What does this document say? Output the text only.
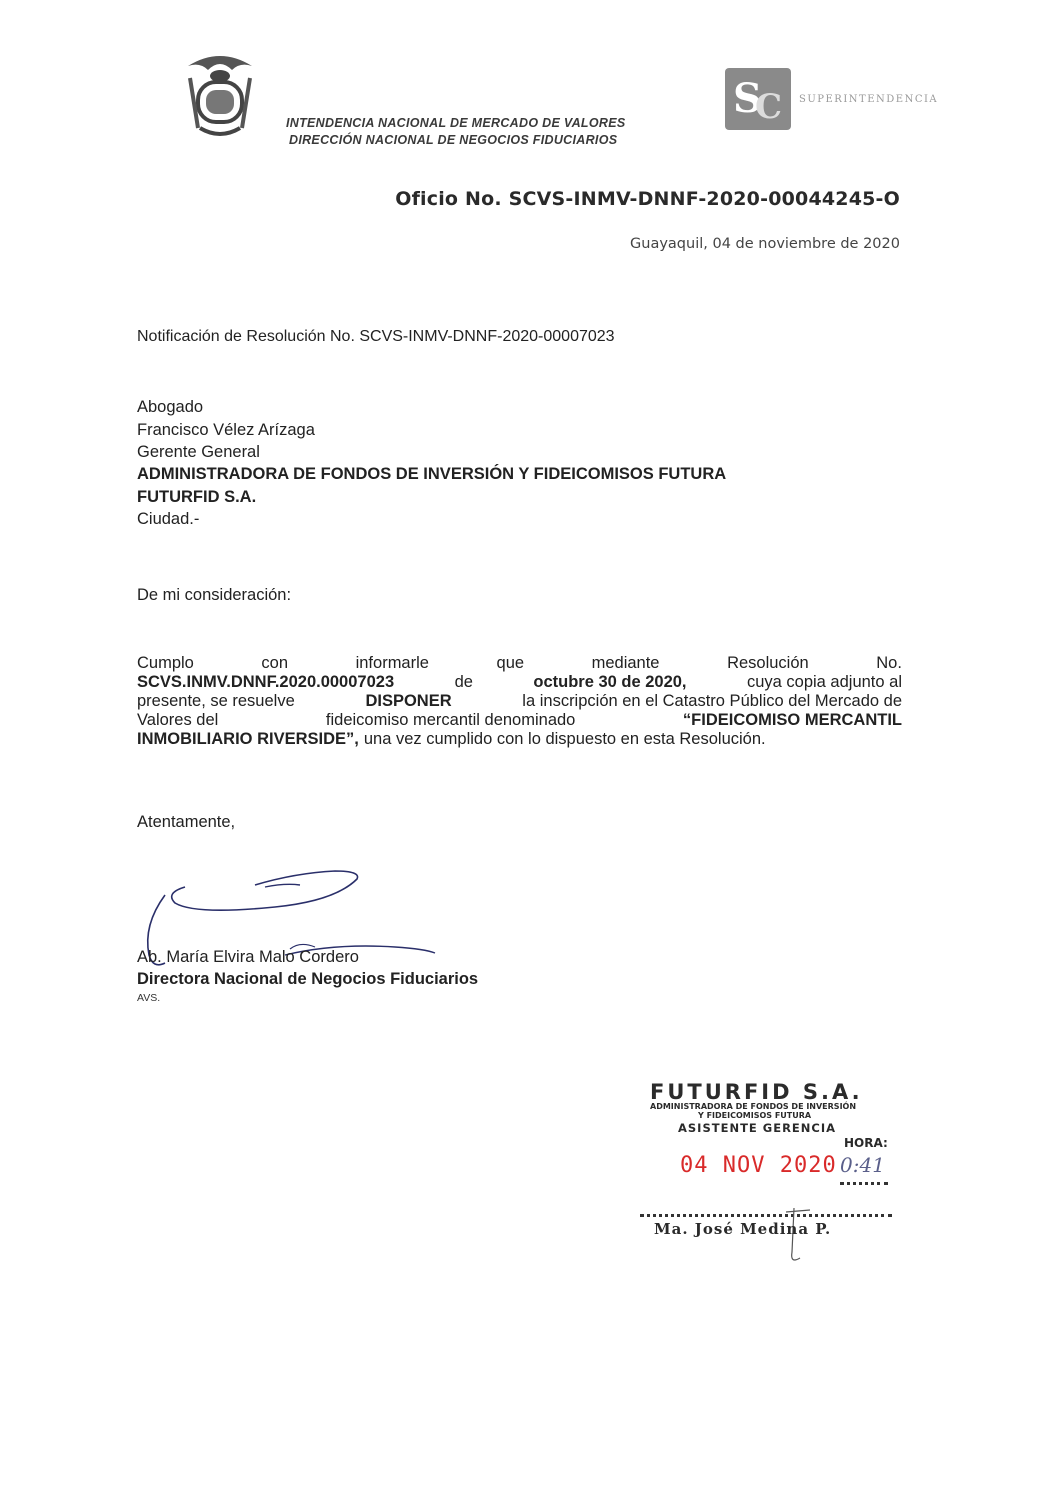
INTENDENCIA NACIONAL DE MERCADO DE VALORES
DIRECCIÓN NACIONAL DE NEGOCIOS FIDUCIARIOS
S
C SUPERINTENDENCIA
Oficio No. SCVS-INMV-DNNF-2020-00044245-O
Guayaquil, 04 de noviembre de 2020
Notificación de Resolución No. SCVS-INMV-DNNF-2020-00007023
Abogado
Francisco Vélez Arízaga
Gerente General
ADMINISTRADORA DE FONDOS DE INVERSIÓN Y FIDEICOMISOS FUTURA
FUTURFID S.A.
Ciudad.-
De mi consideración:
Cumplo	con	informarle	que	mediante	Resolución	No.
SCVS.INMV.DNNF.2020.00007023	de	octubre 30 de 2020,	cuya copia adjunto al
presente, se resuelve	DISPONER	la inscripción en el Catastro Público del Mercado de
Valores del	fideicomiso mercantil denominado	“FIDEICOMISO MERCANTIL
INMOBILIARIO RIVERSIDE”, una vez cumplido con lo dispuesto en esta Resolución.
Atentamente,
Ab. María Elvira Malo Cordero
Directora Nacional de Negocios Fiduciarios
AVS.
FUTURFID S.A.
ADMINISTRADORA DE FONDOS DE INVERSIÓN
Y FIDEICOMISOS FUTURA
ASISTENTE GERENCIA
HORA:
04 NOV 2020 0:41
Ma. José Medina P.
